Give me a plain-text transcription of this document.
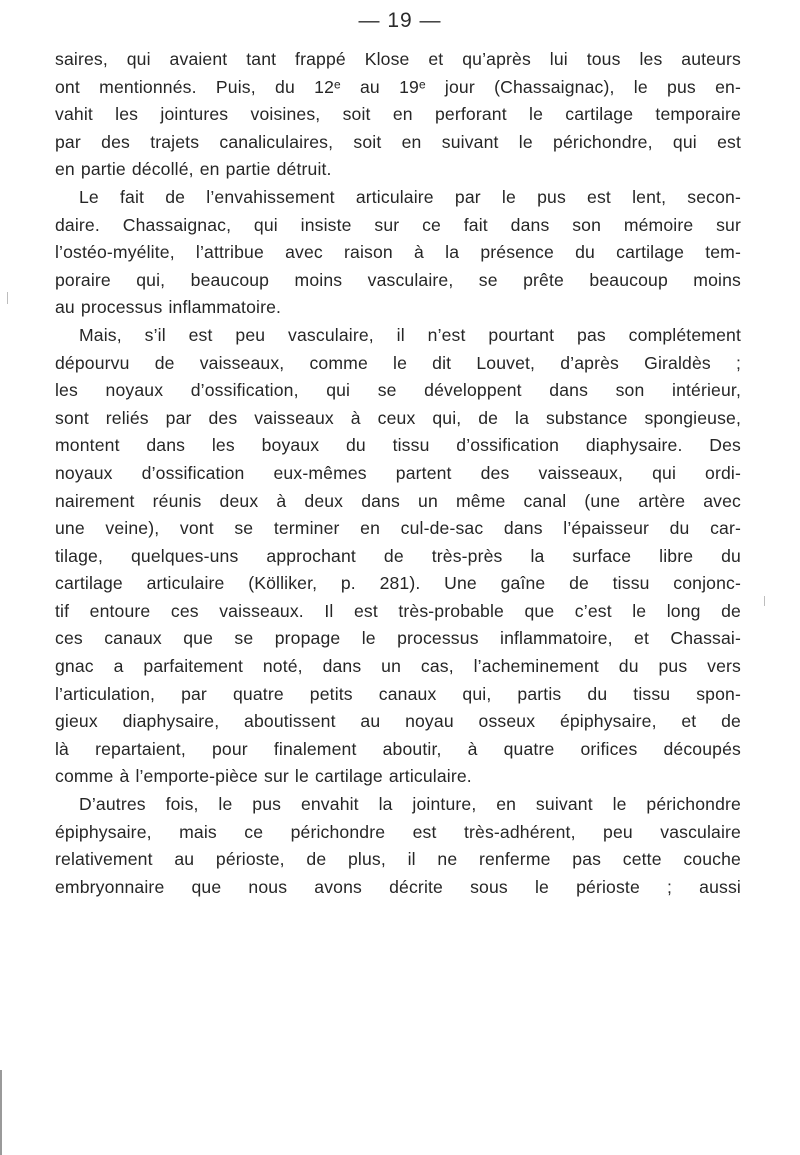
— 19 —
saires, qui avaient tant frappé Klose et qu’après lui tous les auteurs
ont mentionnés. Puis, du 12ᵉ au 19ᵉ jour (Chassaignac), le pus en-
vahit les jointures voisines, soit en perforant le cartilage temporaire
par des trajets canaliculaires, soit en suivant le périchondre, qui est
en partie décollé, en partie détruit.
Le fait de l’envahissement articulaire par le pus est lent, secon-
daire. Chassaignac, qui insiste sur ce fait dans son mémoire sur
l’ostéo-myélite, l’attribue avec raison à la présence du cartilage tem-
poraire qui, beaucoup moins vasculaire, se prête beaucoup moins
au processus inflammatoire.
Mais, s’il est peu vasculaire, il n’est pourtant pas complétement
dépourvu de vaisseaux, comme le dit Louvet, d’après Giraldès ;
les noyaux d’ossification, qui se développent dans son intérieur,
sont reliés par des vaisseaux à ceux qui, de la substance spongieuse,
montent dans les boyaux du tissu d’ossification diaphysaire. Des
noyaux d’ossification eux-mêmes partent des vaisseaux, qui ordi-
nairement réunis deux à deux dans un même canal (une artère avec
une veine), vont se terminer en cul-de-sac dans l’épaisseur du car-
tilage, quelques-uns approchant de très-près la surface libre du
cartilage articulaire (Kölliker, p. 281). Une gaîne de tissu conjonc-
tif entoure ces vaisseaux. Il est très-probable que c’est le long de
ces canaux que se propage le processus inflammatoire, et Chassai-
gnac a parfaitement noté, dans un cas, l’acheminement du pus vers
l’articulation, par quatre petits canaux qui, partis du tissu spon-
gieux diaphysaire, aboutissent au noyau osseux épiphysaire, et de
là repartaient, pour finalement aboutir, à quatre orifices découpés
comme à l’emporte-pièce sur le cartilage articulaire.
D’autres fois, le pus envahit la jointure, en suivant le périchondre
épiphysaire, mais ce périchondre est très-adhérent, peu vasculaire
relativement au périoste, de plus, il ne renferme pas cette couche
embryonnaire que nous avons décrite sous le périoste ; aussi
